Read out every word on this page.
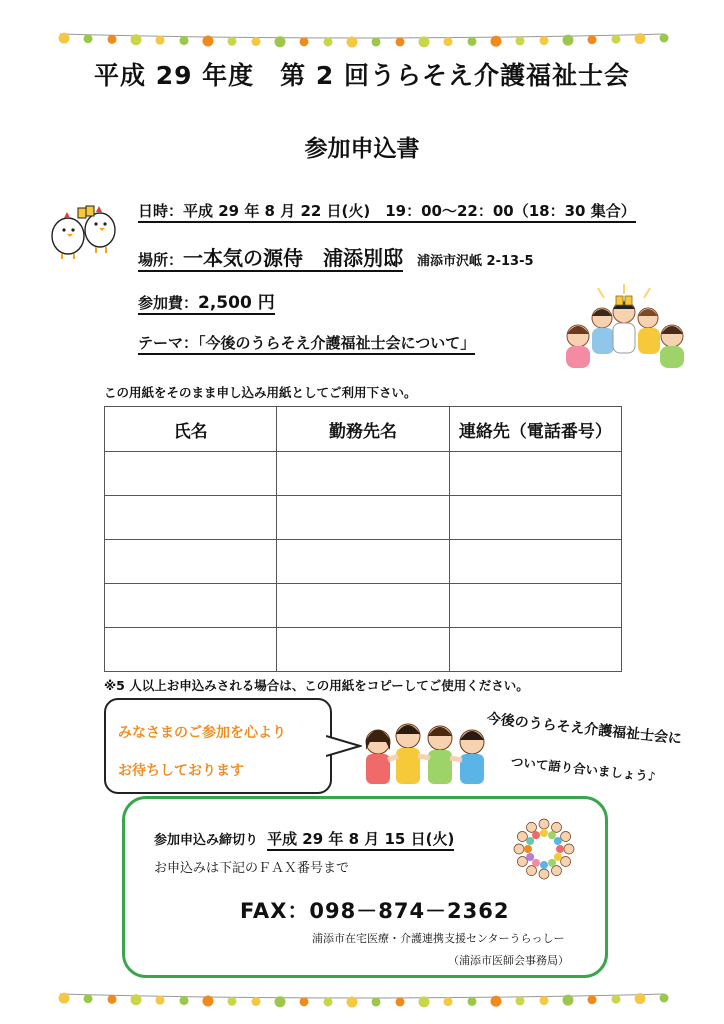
平成 29 年度　第 2 回うらそえ介護福祉士会
参加申込書
日時：平成 29 年 8 月 22 日(火)　19：00～22：00（18：30 集合）
場所：一本気の源侍　浦添別邸 浦添市沢岻 2-13-5
参加費：2,500 円
テーマ：「今後のうらそえ介護福祉士会について」
この用紙をそのまま申し込み用紙としてご利用下さい。
氏名	勤務先名	連絡先（電話番号）

※5 人以上お申込みされる場合は、この用紙をコピーしてご使用ください。
みなさまのご参加を心より
お待ちしております
今後のうらそえ介護福祉士会に
ついて語り合いましょう♪
参加申込み締切り 平成 29 年 8 月 15 日(火)
お申込みは下記のＦＡＸ番号まで
FAX：098－874－2362
浦添市在宅医療・介護連携支援センターうらっしー
（浦添市医師会事務局）
